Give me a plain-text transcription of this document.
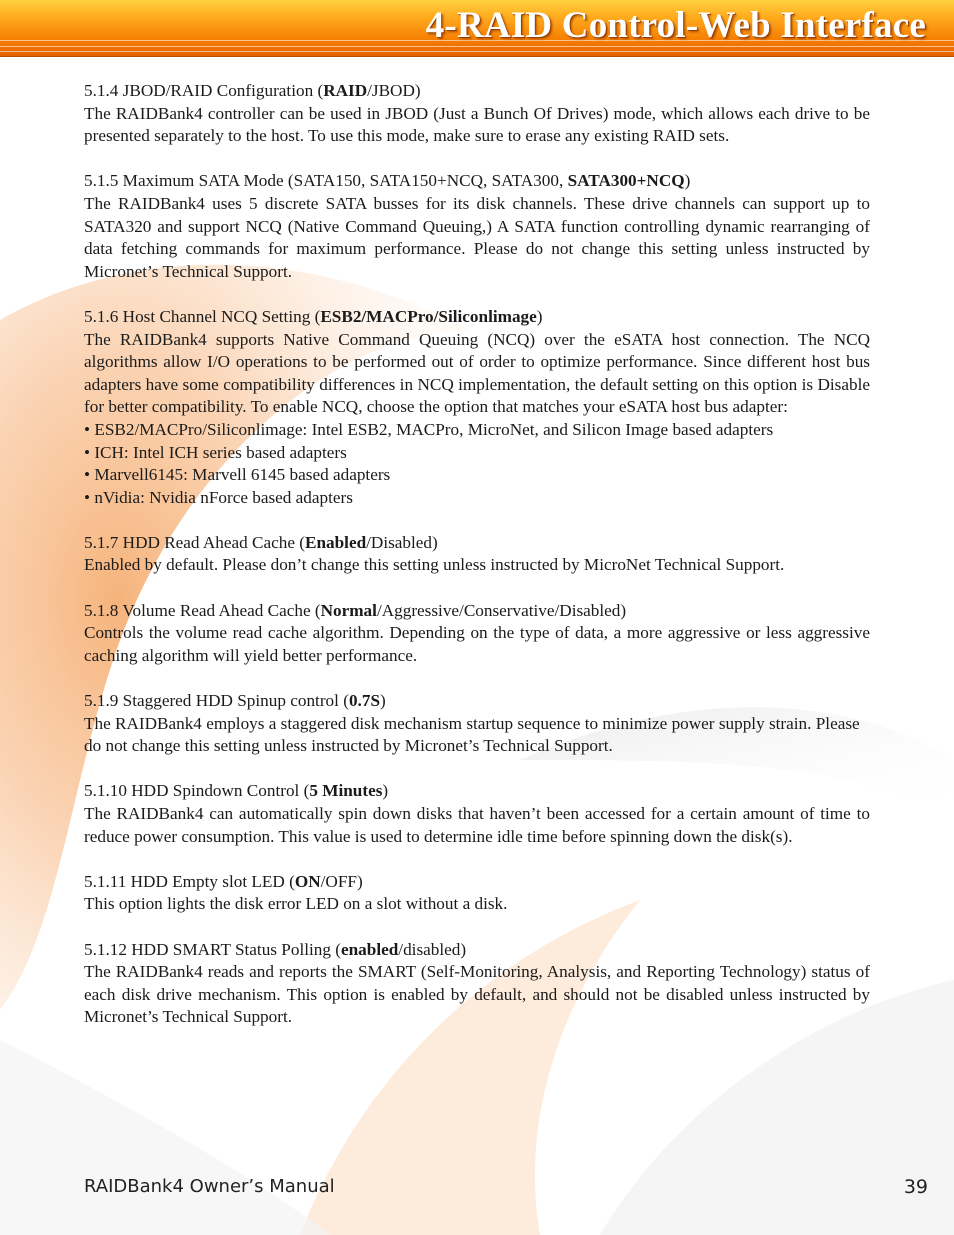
4-RAID Control-Web Interface

5.1.4 JBOD/RAID Configuration (RAID/JBOD)

The RAIDBank4 controller can be used in JBOD (Just a Bunch Of Drives) mode, which allows each drive to be presented separately to the host. To use this mode, make sure to erase any existing RAID sets.

5.1.5 Maximum SATA Mode (SATA150, SATA150+NCQ, SATA300, SATA300+NCQ)

The RAIDBank4 uses 5 discrete SATA busses for its disk channels. These drive channels can support up to SATA320 and support NCQ (Native Command Queuing,) A SATA function controlling dynamic rearranging of data fetching commands for maximum performance. Please do not change this setting unless instructed by Micronet’s Technical Support.

5.1.6 Host Channel NCQ Setting (ESB2/MACPro/Siliconlimage)

The RAIDBank4 supports Native Command Queuing (NCQ) over the eSATA host connection. The NCQ algorithms allow I/O operations to be performed out of order to optimize performance. Since different host bus adapters have some compatibility differences in NCQ implementation, the default setting on this option is Disable for better compatibility. To enable NCQ, choose the option that matches your eSATA host bus adapter:

• ESB2/MACPro/Siliconlimage: Intel ESB2, MACPro, MicroNet, and Silicon Image based adapters
• ICH: Intel ICH series based adapters
• Marvell6145: Marvell 6145 based adapters
• nVidia: Nvidia nForce based adapters

5.1.7 HDD Read Ahead Cache (Enabled/Disabled)

Enabled by default. Please don’t change this setting unless instructed by MicroNet Technical Support.

5.1.8 Volume Read Ahead Cache (Normal/Aggressive/Conservative/Disabled)

Controls the volume read cache algorithm. Depending on the type of data, a more aggressive or less aggressive caching algorithm will yield better performance.

5.1.9 Staggered HDD Spinup control (0.7S)

The RAIDBank4 employs a staggered disk mechanism startup sequence to minimize power supply strain. Please do not change this setting unless instructed by Micronet’s Technical Support.

5.1.10 HDD Spindown Control (5 Minutes)

The RAIDBank4 can automatically spin down disks that haven’t been accessed for a certain amount of time to reduce power consumption. This value is used to determine idle time before spinning down the disk(s).

5.1.11 HDD Empty slot LED (ON/OFF)

This option lights the disk error LED on a slot without a disk.

5.1.12 HDD SMART Status Polling (enabled/disabled)

The RAIDBank4 reads and reports the SMART (Self-Monitoring, Analysis, and Reporting Technology) status of each disk drive mechanism. This option is enabled by default, and should not be disabled unless instructed by Micronet’s Technical Support.

RAIDBank4 Owner’s Manual	39
